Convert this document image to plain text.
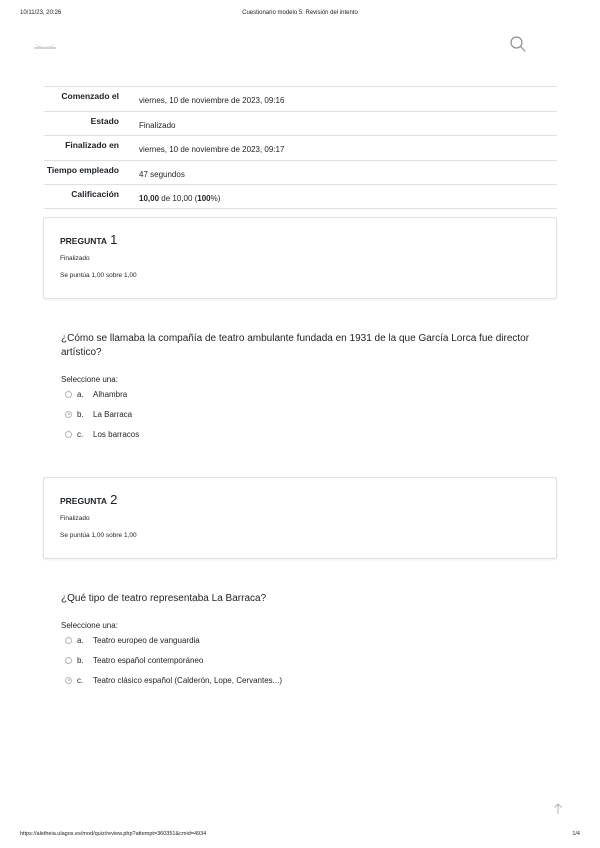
10/11/23, 20:26	Cuestionario modelo 5: Revisión del intento
Comenzado el	viernes, 10 de noviembre de 2023, 09:16
Estado	Finalizado
Finalizado en	viernes, 10 de noviembre de 2023, 09:17
Tiempo empleado	47 segundos
Calificación	10,00 de 10,00 (100%)
PREGUNTA 1
Finalizado
Se puntúa 1,00 sobre 1,00
¿Cómo se llamaba la compañía de teatro ambulante fundada en 1931 de la que García Lorca fue director artístico?
Seleccione una:
a.	Alhambra
b.	La Barraca
c.	Los barracos
PREGUNTA 2
Finalizado
Se puntúa 1,00 sobre 1,00
¿Qué tipo de teatro representaba La Barraca?
Seleccione una:
a.	Teatro europeo de vanguardia
b.	Teatro español contemporáneo
c.	Teatro clásico español (Calderón, Lope, Cervantes...)
https://aletheia.ulagos.es/mod/quiz/review.php?attempt=360351&cmid=4934	1/4
